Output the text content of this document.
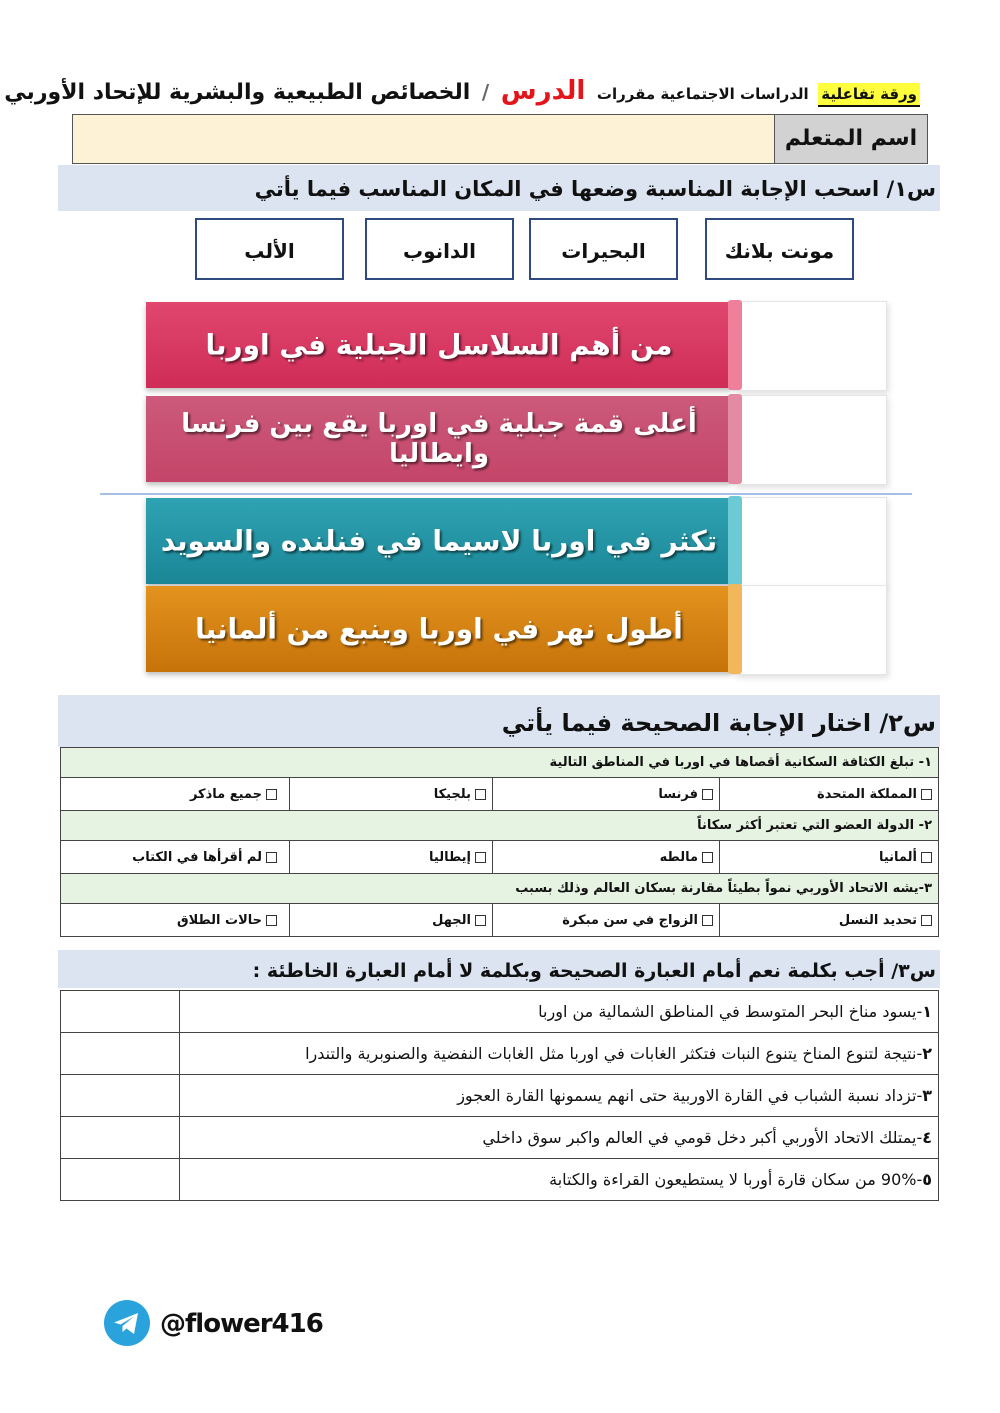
ورقة تفاعلية الدراسات الاجتماعية مقررات الدرس / الخصائص الطبيعية والبشرية للإتحاد الأوربي
اسم المتعلم
س١/ اسحب الإجابة المناسبة وضعها في المكان المناسب فيما يأتي
مونت بلانك
البحيرات
الدانوب
الألب
من أهم السلاسل الجبلية في اوربا
أعلى قمة جبلية في اوربا يقع بين فرنسا وايطاليا
تكثر في اوربا لاسيما في فنلنده والسويد
أطول نهر في اوربا وينبع من ألمانيا
س٢/ اختار الإجابة الصحيحة فيما يأتي
١- تبلغ الكثافة السكانية أقصاها في اوربا في المناطق التالية			
المملكة المتحدة	فرنسا	بلجيكا	جميع ماذكر
٢- الدولة العضو التي تعتبر أكثر سكاناً			
ألمانيا	مالطه	إيطاليا	لم أقرأها في الكتاب
٣-يشه الاتحاد الأوربي نمواً بطيئاً مقارنة بسكان العالم وذلك بسبب			
تحديد النسل	الزواج في سن مبكرة	الجهل	حالات الطلاق
س٣/ أجب بكلمة نعم أمام العبارة الصحيحة وبكلمة لا أمام العبارة الخاطئة :
١-يسود مناخ البحر المتوسط في المناطق الشمالية من اوربا	
٢-نتيجة لتنوع المناخ يتنوع النبات فتكثر الغابات في اوربا مثل الغابات النفضية والصنوبرية والتندرا	
٣-تزداد نسبة الشباب في القارة الاوربية حتى انهم يسمونها القارة العجوز	
٤-يمتلك الاتحاد الأوربي أكبر دخل قومي في العالم واكبر سوق داخلي	
٥-90% من سكان قارة أوربا لا يستطيعون القراءة والكتابة	
@flower416
